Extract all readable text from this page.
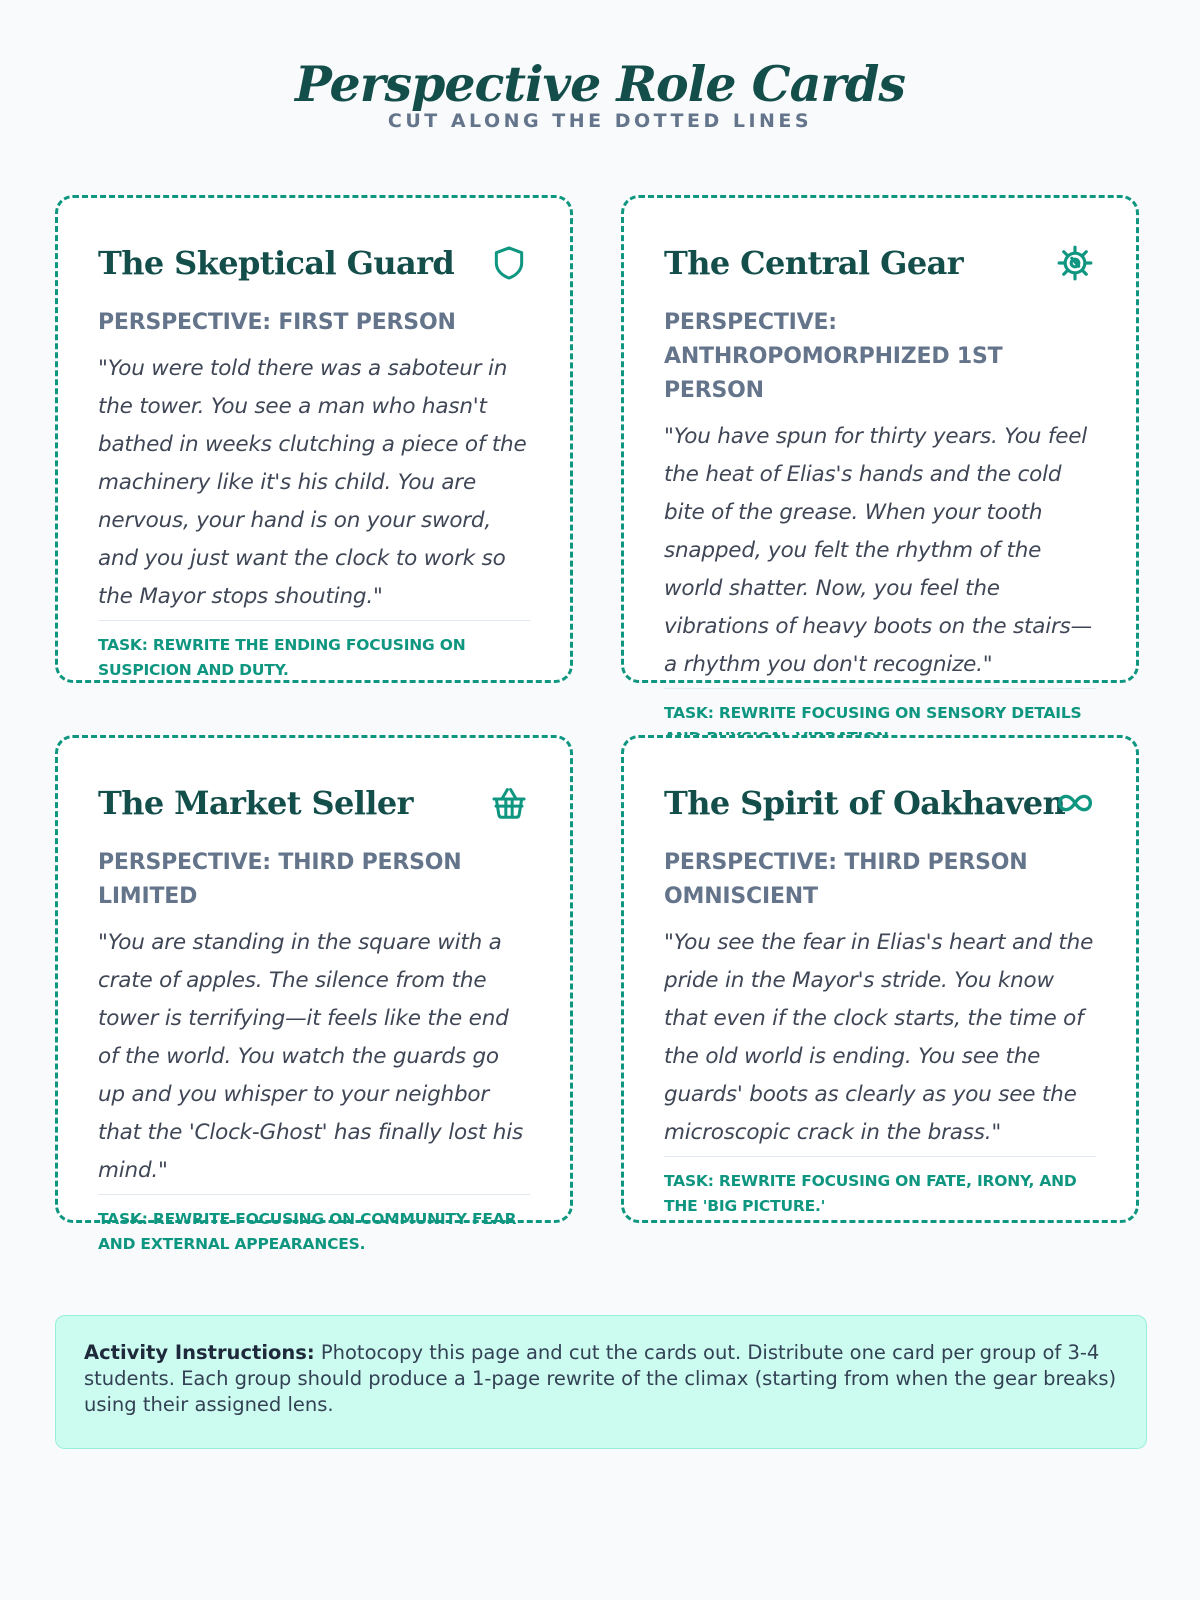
Perspective Role Cards
CUT ALONG THE DOTTED LINES
The Skeptical Guard
PERSPECTIVE: FIRST PERSON
"You were told there was a saboteur in the tower. You see a man who hasn't bathed in weeks clutching a piece of the machinery like it's his child. You are nervous, your hand is on your sword, and you just want the clock to work so the Mayor stops shouting."
TASK: REWRITE THE ENDING FOCUSING ON SUSPICION AND DUTY.
The Central Gear
PERSPECTIVE: ANTHROPOMORPHIZED 1ST PERSON
"You have spun for thirty years. You feel the heat of Elias's hands and the cold bite of the grease. When your tooth snapped, you felt the rhythm of the world shatter. Now, you feel the vibrations of heavy boots on the stairs—a rhythm you don't recognize."
TASK: REWRITE FOCUSING ON SENSORY DETAILS
The Market Seller
PERSPECTIVE: THIRD PERSON LIMITED
"You are standing in the square with a crate of apples. The silence from the tower is terrifying—it feels like the end of the world. You watch the guards go up and you whisper to your neighbor that the 'Clock-Ghost' has finally lost his mind."
TASK: REWRITE FOCUSING ON COMMUNITY FEAR AND EXTERNAL APPEARANCES.
The Spirit of Oakhaven
PERSPECTIVE: THIRD PERSON OMNISCIENT
"You see the fear in Elias's heart and the pride in the Mayor's stride. You know that even if the clock starts, the time of the old world is ending. You see the guards' boots as clearly as you see the microscopic crack in the brass."
TASK: REWRITE FOCUSING ON FATE, IRONY, AND THE 'BIG PICTURE.'
Activity Instructions: Photocopy this page and cut the cards out. Distribute one card per group of 3-4 students. Each group should produce a 1-page rewrite of the climax (starting from when the gear breaks) using their assigned lens.
